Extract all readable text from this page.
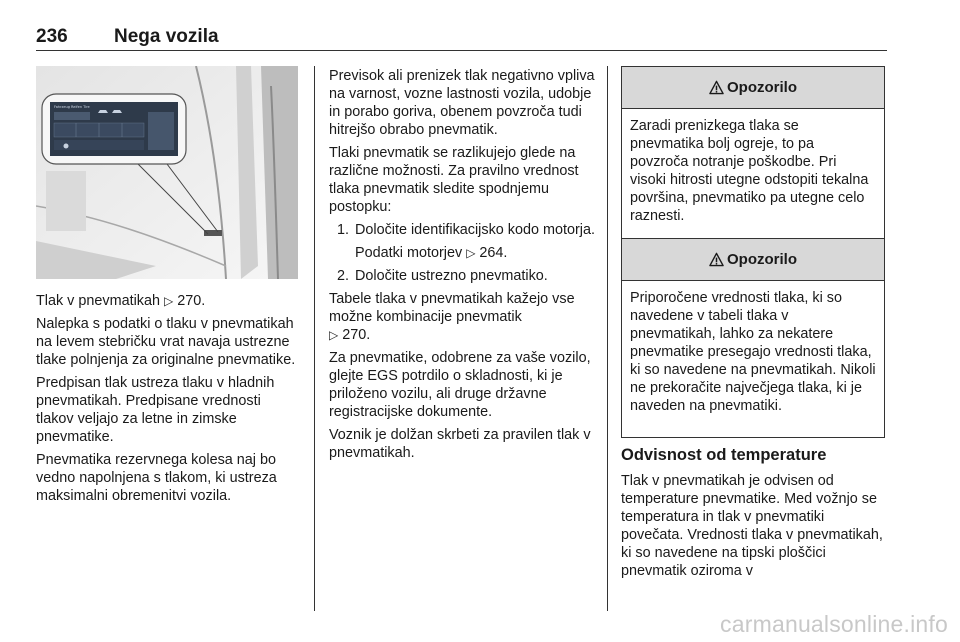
236 Nega vozila
Fahrzeug Reifen Tire

Tlak v pnevmatikah ▷ 270.

Nalepka s podatki o tlaku v pnevmatikah na levem stebričku vrat navaja ustrezne tlake polnjenja za originalne pnevmatike.

Predpisan tlak ustreza tlaku v hladnih pnevmatikah. Predpisane vrednosti tlakov veljajo za letne in zimske pnevmatike.

Pnevmatika rezervnega kolesa naj bo vedno napolnjena s tlakom, ki ustreza maksimalni obremenitvi vozila.

Previsok ali prenizek tlak negativno vpliva na varnost, vozne lastnosti vozila, udobje in porabo goriva, obenem povzroča tudi hitrejšo obrabo pnevmatik.

Tlaki pnevmatik se razlikujejo glede na različne možnosti. Za pravilno vrednost tlaka pnevmatik sledite spodnjemu postopku:

1. Določite identifikacijsko kodo motorja.
Podatki motorjev ▷ 264.
2. Določite ustrezno pnevmatiko.

Tabele tlaka v pnevmatikah kažejo vse možne kombinacije pnevmatik
▷ 270.

Za pnevmatike, odobrene za vaše vozilo, glejte EGS potrdilo o skladnosti, ki je priloženo vozilu, ali druge državne registracijske dokumente.

Voznik je dolžan skrbeti za pravilen tlak v pnevmatikah.

Opozorilo
Zaradi prenizkega tlaka se pnevmatika bolj ogreje, to pa povzroča notranje poškodbe. Pri visoki hitrosti utegne odstopiti tekalna površina, pnevmatiko pa utegne celo raznesti.
Opozorilo
Priporočene vrednosti tlaka, ki so navedene v tabeli tlaka v pnevmatikah, lahko za nekatere pnevmatike presegajo vrednosti tlaka, ki so navedene na pnevmatikah. Nikoli ne prekoračite največjega tlaka, ki je naveden na pnevmatiki.
Odvisnost od temperature

Tlak v pnevmatikah je odvisen od temperature pnevmatike. Med vožnjo se temperatura in tlak v pnevmatiki povečata. Vrednosti tlaka v pnevmatikah, ki so navedene na tipski ploščici pnevmatik oziroma v

carmanualsonline.info
